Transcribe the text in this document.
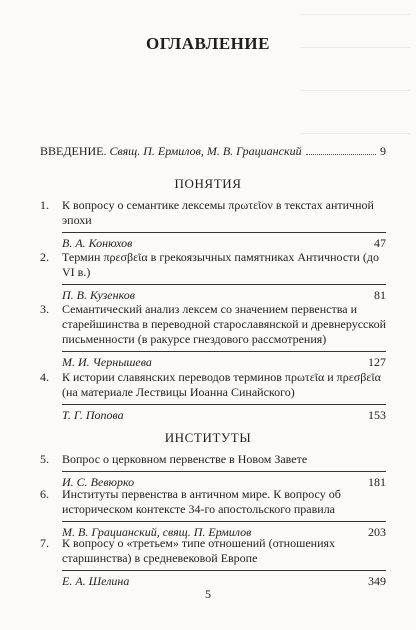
ОГЛАВЛЕНИЕ
ВВЕДЕНИЕ. Свящ. П. Ермилов, М. В. Грацианский	9
ПОНЯТИЯ
1.	К вопросу о семантике лексемы πρωτεῖον в текстах античной эпохи
В. А. Конюхов	47
2.	Термин πρεσβεῖα в грекоязычных памятниках Античности (до VI в.)
П. В. Кузенков	81
3.	Семантический анализ лексем со значением первенства и старейшинства в переводной старославянской и древнерусской письменности (в ракурсе гнездового рассмотрения)
М. И. Чернышева	127
4.	К истории славянских переводов терминов πρωτεῖα и πρεσβεῖα (на материале Лествицы Иоанна Синайского)
Т. Г. Попова	153
ИНСТИТУТЫ
5.	Вопрос о церковном первенстве в Новом Завете
И. С. Вевюрко	181
6.	Институты первенства в античном мире. К вопросу об историческом контексте 34-го апостольского правила
М. В. Грацианский, свящ. П. Ермилов	203
7.	К вопросу о «третьем» типе отношений (отношениях старшинства) в средневековой Европе
Е. А. Шелина	349
5
